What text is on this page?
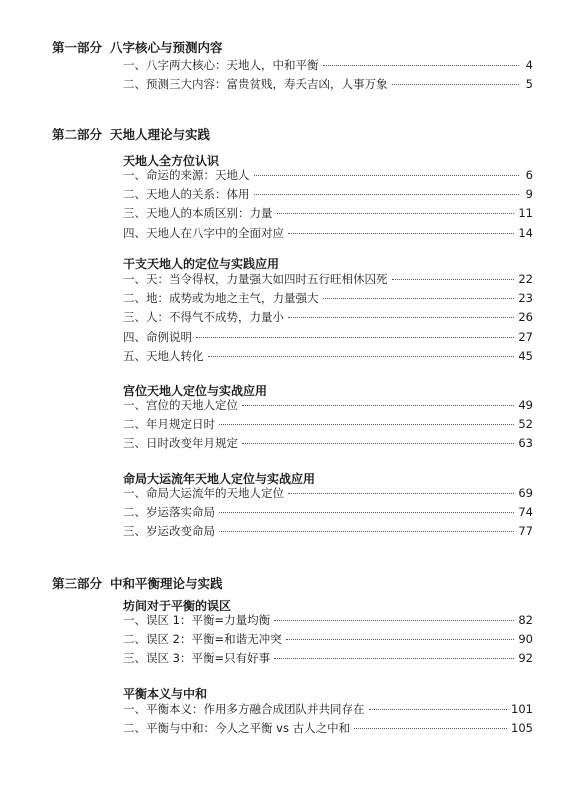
第一部分 八字核心与预测内容
一、八字两大核心：天地人，中和平衡	4
二、预测三大内容：富贵贫贱，寿夭吉凶，人事万象	5
第二部分 天地人理论与实践
天地人全方位认识
一、命运的来源：天地人	6
二、天地人的关系：体用	9
三、天地人的本质区别：力量	11
四、天地人在八字中的全面对应	14
干支天地人的定位与实践应用
一、天：当令得权，力量强大如四时五行旺相休囚死	22
二、地：成势或为地之主气，力量强大	23
三、人：不得气不成势，力量小	26
四、命例说明	27
五、天地人转化	45
宫位天地人定位与实战应用
一、宫位的天地人定位	49
二、年月规定日时	52
三、日时改变年月规定	63
命局大运流年天地人定位与实战应用
一、命局大运流年的天地人定位	69
二、岁运落实命局	74
三、岁运改变命局	77
第三部分 中和平衡理论与实践
坊间对于平衡的误区
一、误区 1：平衡=力量均衡	82
二、误区 2：平衡=和谐无冲突	90
三、误区 3：平衡=只有好事	92
平衡本义与中和
一、平衡本义：作用多方融合成团队并共同存在	101
二、平衡与中和：今人之平衡 vs 古人之中和	105
